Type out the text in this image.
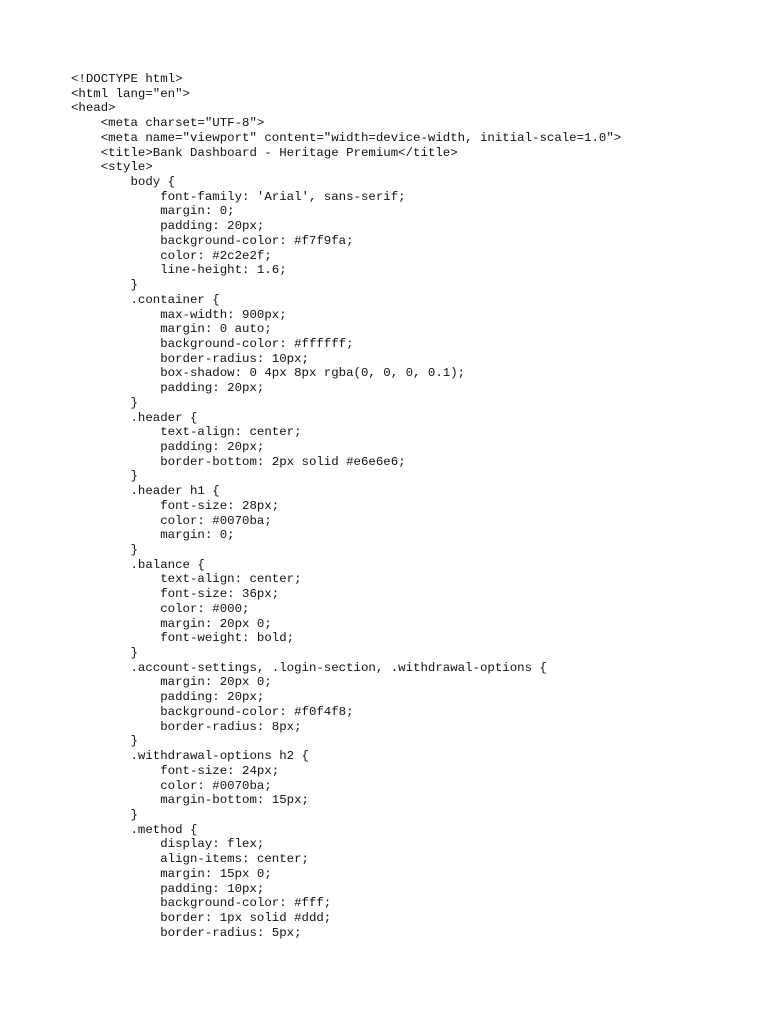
<!DOCTYPE html>
<html lang="en">
<head>
<meta charset="UTF-8">
<meta name="viewport" content="width=device-width, initial-scale=1.0">
<title>Bank Dashboard - Heritage Premium</title>
<style>
body {
font-family: 'Arial', sans-serif;
margin: 0;
padding: 20px;
background-color: #f7f9fa;
color: #2c2e2f;
line-height: 1.6;
}
.container {
max-width: 900px;
margin: 0 auto;
background-color: #ffffff;
border-radius: 10px;
box-shadow: 0 4px 8px rgba(0, 0, 0, 0.1);
padding: 20px;
}
.header {
text-align: center;
padding: 20px;
border-bottom: 2px solid #e6e6e6;
}
.header h1 {
font-size: 28px;
color: #0070ba;
margin: 0;
}
.balance {
text-align: center;
font-size: 36px;
color: #000;
margin: 20px 0;
font-weight: bold;
}
.account-settings, .login-section, .withdrawal-options {
margin: 20px 0;
padding: 20px;
background-color: #f0f4f8;
border-radius: 8px;
}
.withdrawal-options h2 {
font-size: 24px;
color: #0070ba;
margin-bottom: 15px;
}
.method {
display: flex;
align-items: center;
margin: 15px 0;
padding: 10px;
background-color: #fff;
border: 1px solid #ddd;
border-radius: 5px;
